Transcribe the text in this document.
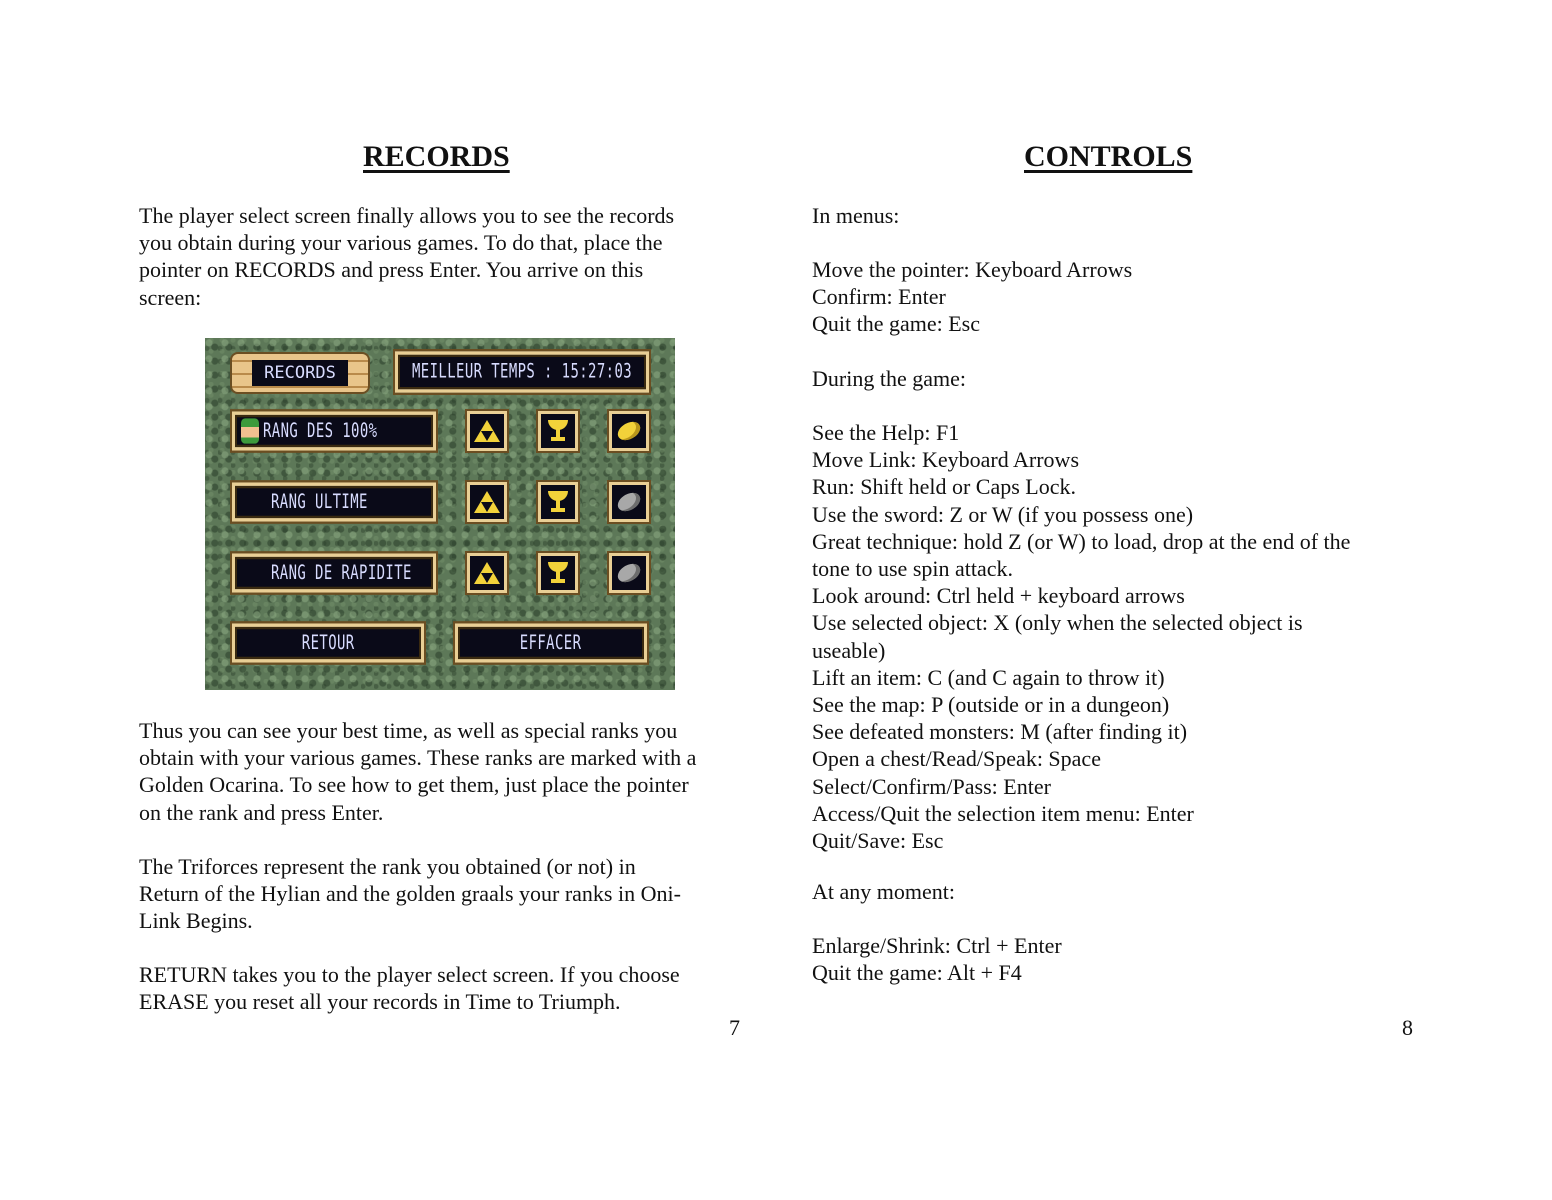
RECORDS
The player select screen finally allows you to see the records
you obtain during your various games. To do that, place the
pointer on RECORDS and press Enter. You arrive on this
screen:
RECORDS	MEILLEUR TEMPS : 15:27:03
RANG DES 100%
RANG ULTIME
RANG DE RAPIDITE
RETOUR	EFFACER
Thus you can see your best time, as well as special ranks you
obtain with your various games. These ranks are marked with a
Golden Ocarina. To see how to get them, just place the pointer
on the rank and press Enter.
The Triforces represent the rank you obtained (or not) in
Return of the Hylian and the golden graals your ranks in Oni-
Link Begins.
RETURN takes you to the player select screen. If you choose
ERASE you reset all your records in Time to Triumph.
7
CONTROLS
In menus:
Move the pointer: Keyboard Arrows
Confirm: Enter
Quit the game: Esc
During the game:
See the Help: F1
Move Link: Keyboard Arrows
Run: Shift held or Caps Lock.
Use the sword: Z or W (if you possess one)
Great technique: hold Z (or W) to load, drop at the end of the
tone to use spin attack.
Look around: Ctrl held + keyboard arrows
Use selected object: X (only when the selected object is
useable)
Lift an item: C (and C again to throw it)
See the map: P (outside or in a dungeon)
See defeated monsters: M (after finding it)
Open a chest/Read/Speak: Space
Select/Confirm/Pass: Enter
Access/Quit the selection item menu: Enter
Quit/Save: Esc
At any moment:
Enlarge/Shrink: Ctrl + Enter
Quit the game: Alt + F4
8
